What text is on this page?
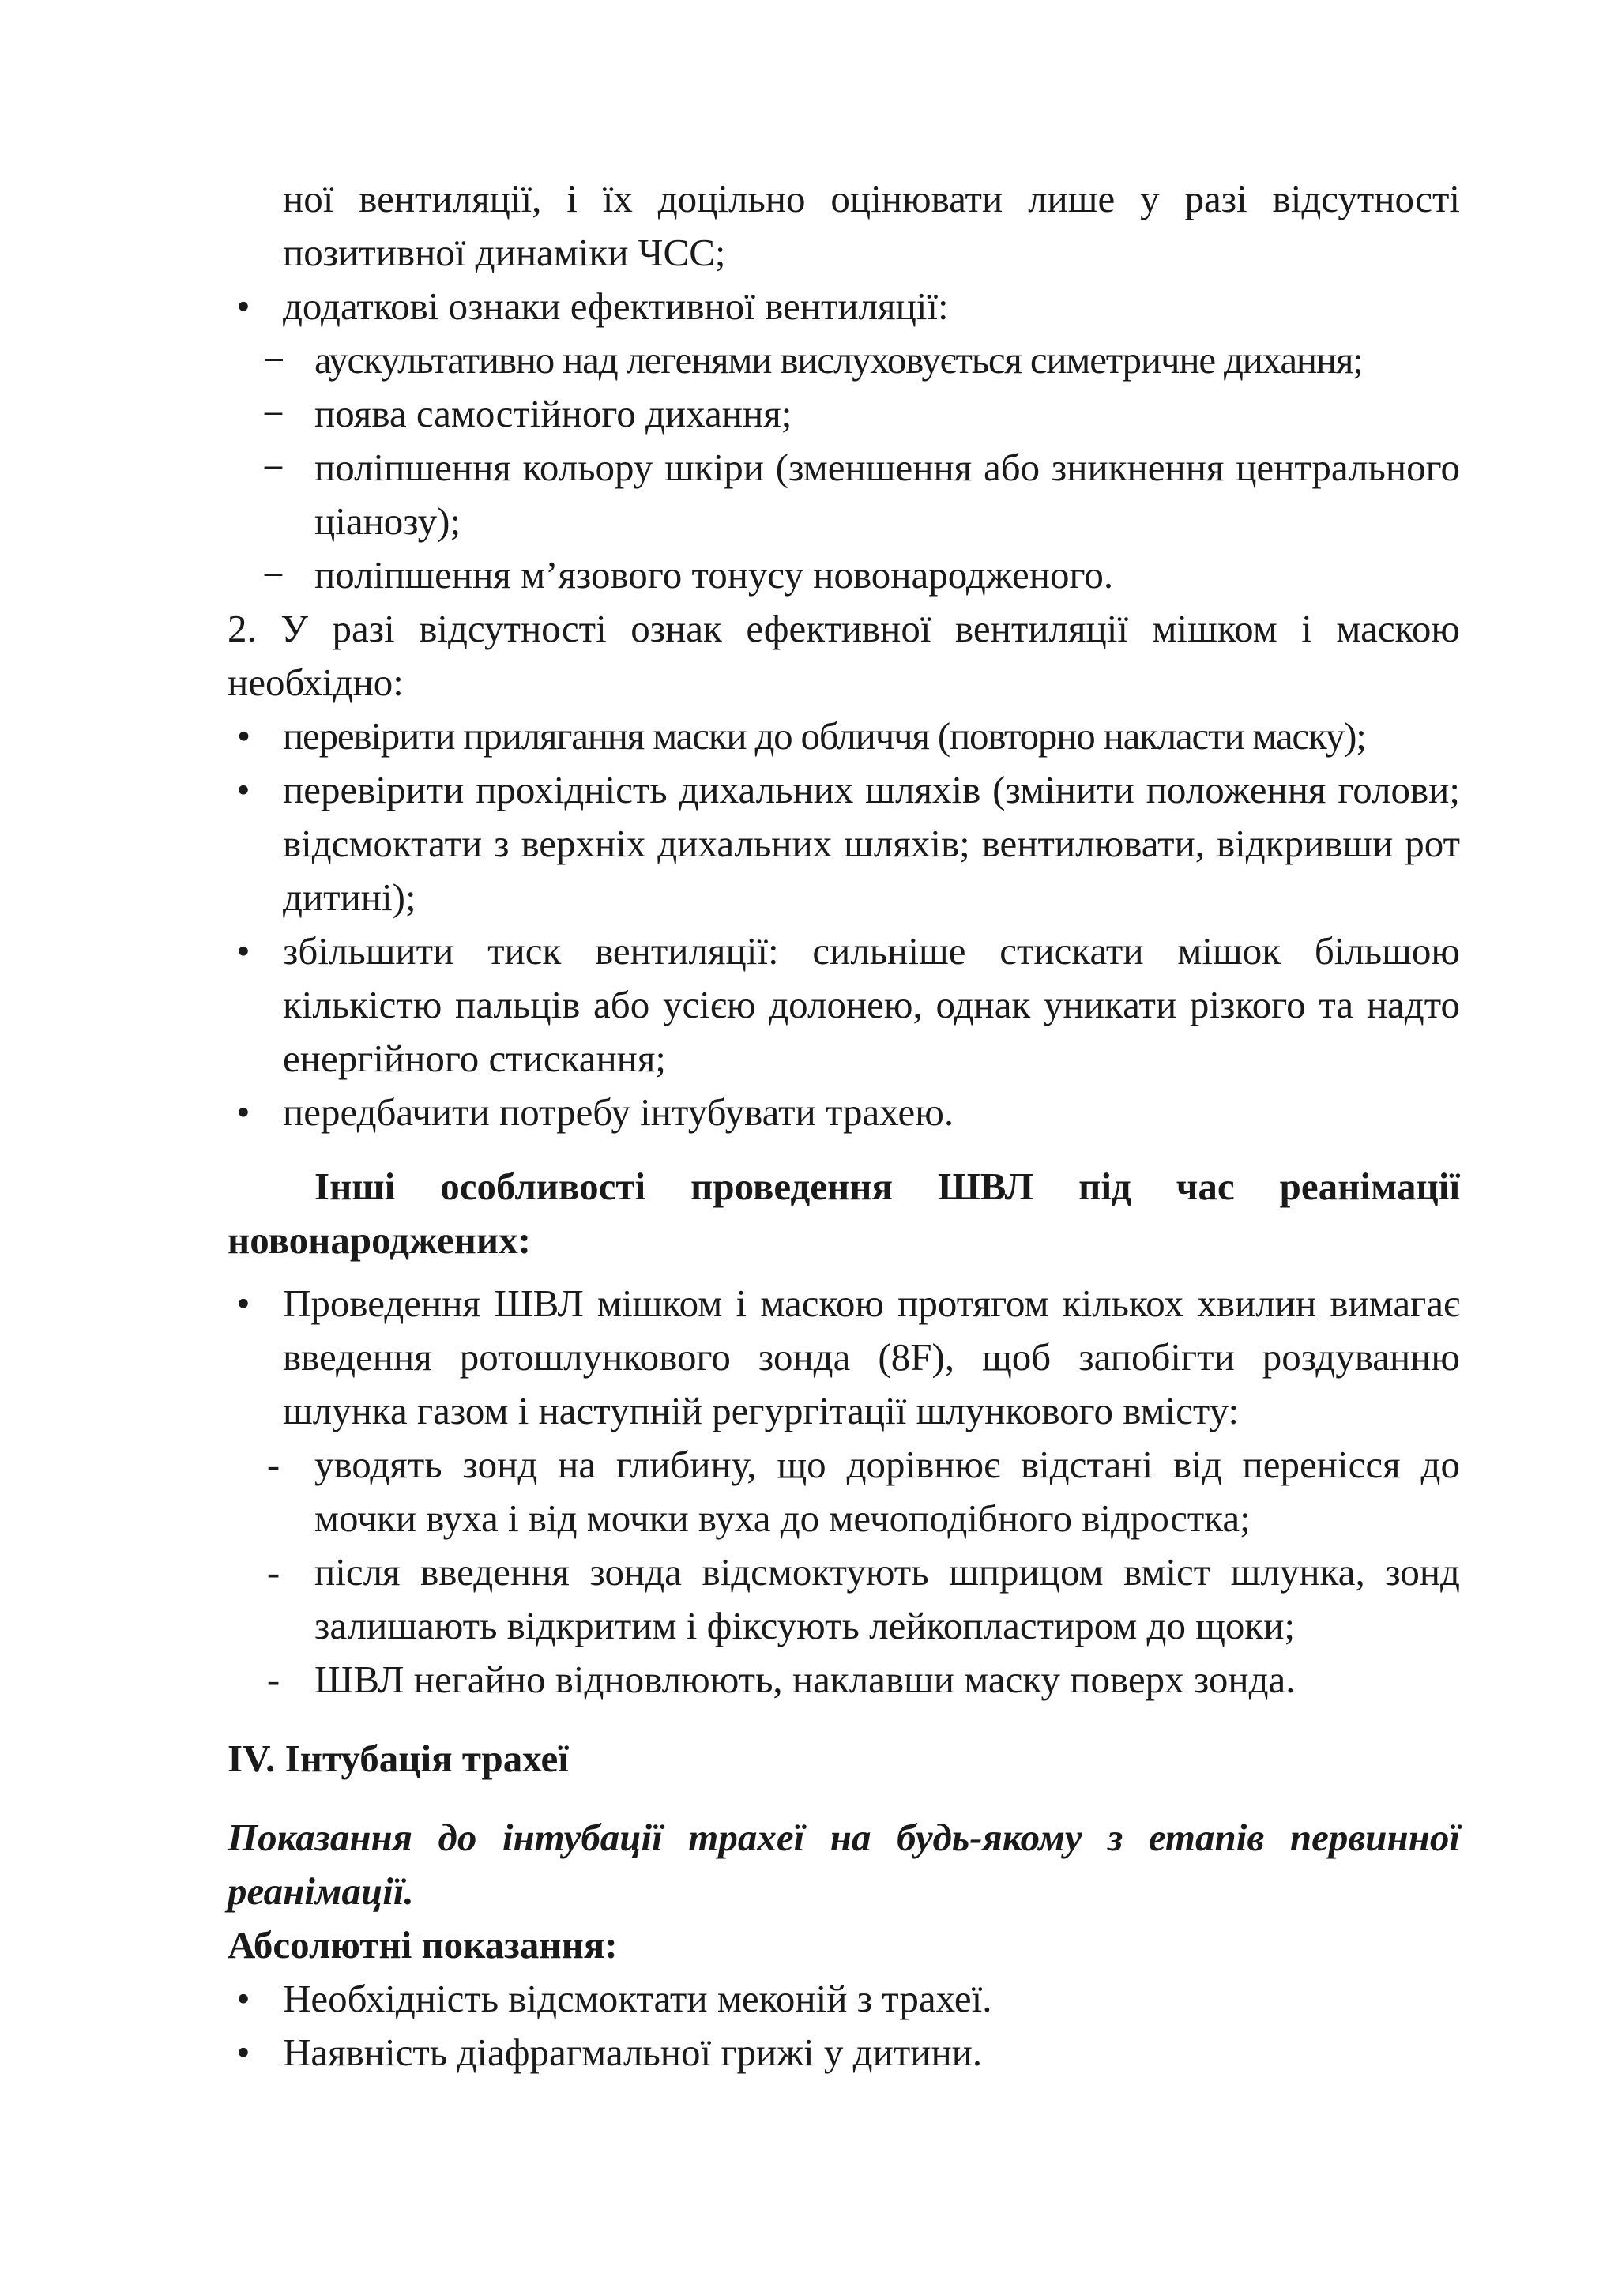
ної вентиляції, і їх доцільно оцінювати лише у разі відсутності позитивної динаміки ЧСС;

• додаткові ознаки ефективної вентиляції:
− аускультативно над легенями вислуховується симетричне дихання;
− поява самостійного дихання;
− поліпшення кольору шкіри (зменшення або зникнення центрального ціанозу);
− поліпшення м’язового тонусу новонародженого.

2. У разі відсутності ознак ефективної вентиляції мішком і маскою необхідно:

• перевірити прилягання маски до обличчя (повторно накласти маску);
• перевірити прохідність дихальних шляхів (змінити положення голови; відсмоктати з верхніх дихальних шляхів; вентилювати, відкривши рот дитині);
• збільшити тиск вентиляції: сильніше стискати мішок більшою кількістю пальців або усією долонею, однак уникати різкого та надто енергійного стискання;
• передбачити потребу інтубувати трахею.

Інші особливості проведення ШВЛ під час реанімації новонароджених:

• Проведення ШВЛ мішком і маскою протягом кількох хвилин вимагає введення ротошлункового зонда (8F), щоб запобігти роздуванню шлунка газом і наступній регургітації шлункового вмісту:
- уводять зонд на глибину, що дорівнює відстані від перенісся до мочки вуха і від мочки вуха до мечоподібного відростка;
- після введення зонда відсмоктують шприцом вміст шлунка, зонд залишають відкритим і фіксують лейкопластиром до щоки;
- ШВЛ негайно відновлюють, наклавши маску поверх зонда.

IV. Інтубація трахеї

Показання до інтубації трахеї на будь-якому з етапів первинної реанімації.

Абсолютні показання:

• Необхідність відсмоктати меконій з трахеї.
• Наявність діафрагмальної грижі у дитини.
